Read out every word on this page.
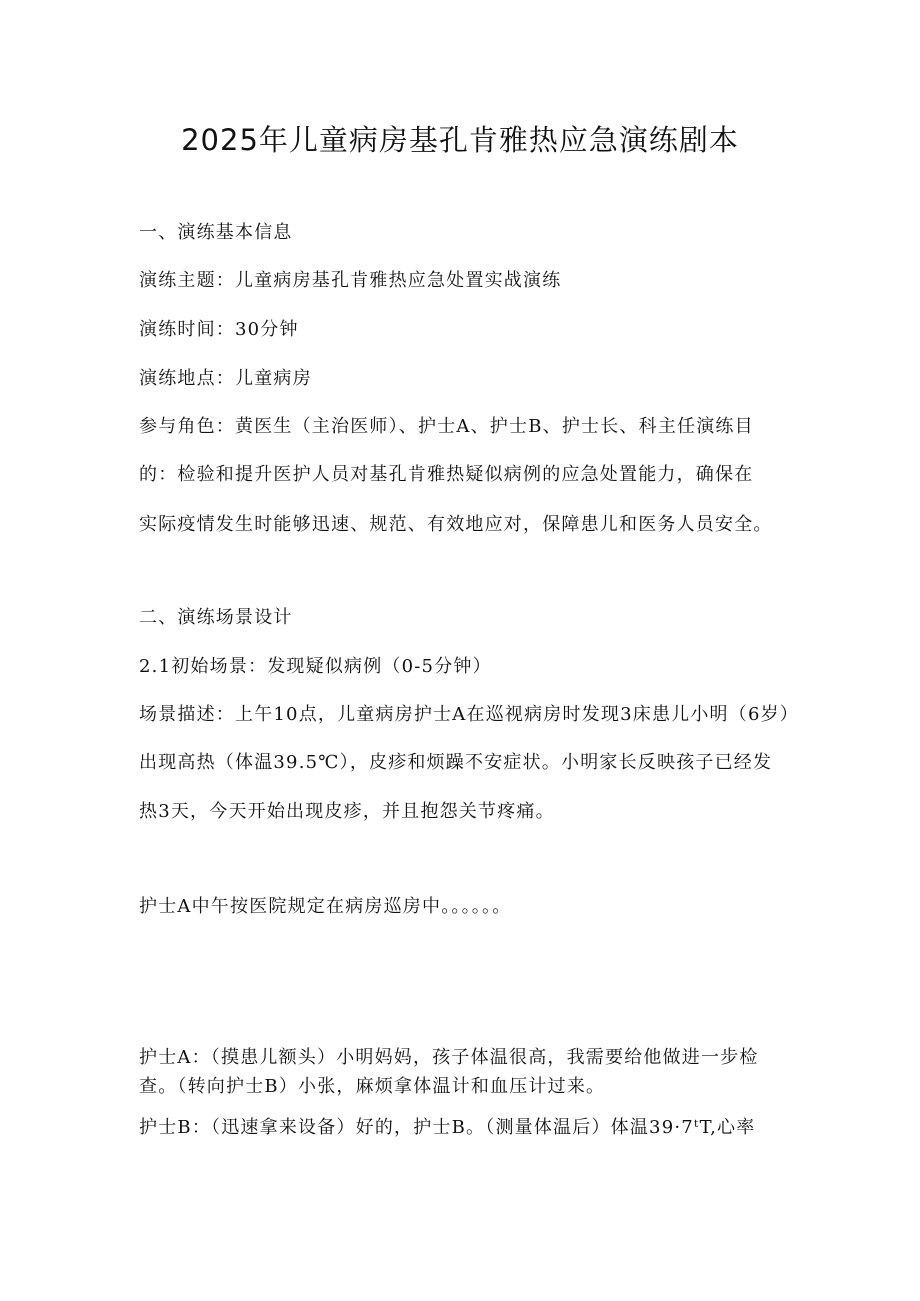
2025年儿童病房基孔肯雅热应急演练剧本
一、演练基本信息
演练主题：儿童病房基孔肯雅热应急处置实战演练
演练时间：30分钟
演练地点：儿童病房
参与角色：黄医生（主治医师）、护士A、护士B、护士长、科主任演练目
的：检验和提升医护人员对基孔肯雅热疑似病例的应急处置能力，确保在
实际疫情发生时能够迅速、规范、有效地应对，保障患儿和医务人员安全。
二、演练场景设计
2.1初始场景：发现疑似病例（0-5分钟）
场景描述：上午10点，儿童病房护士A在巡视病房时发现3床患儿小明（6岁）
出现高热（体温39.5℃），皮疹和烦躁不安症状。小明家长反映孩子已经发
热3天，今天开始出现皮疹，并且抱怨关节疼痛。
护士A中午按医院规定在病房巡房中。。。。。。
护士A：（摸患儿额头）小明妈妈，孩子体温很高，我需要给他做进一步检
查。（转向护士B）小张，麻烦拿体温计和血压计过来。
护士B：（迅速拿来设备）好的，护士B。（测量体温后）体温39·7ᵗT,心率
